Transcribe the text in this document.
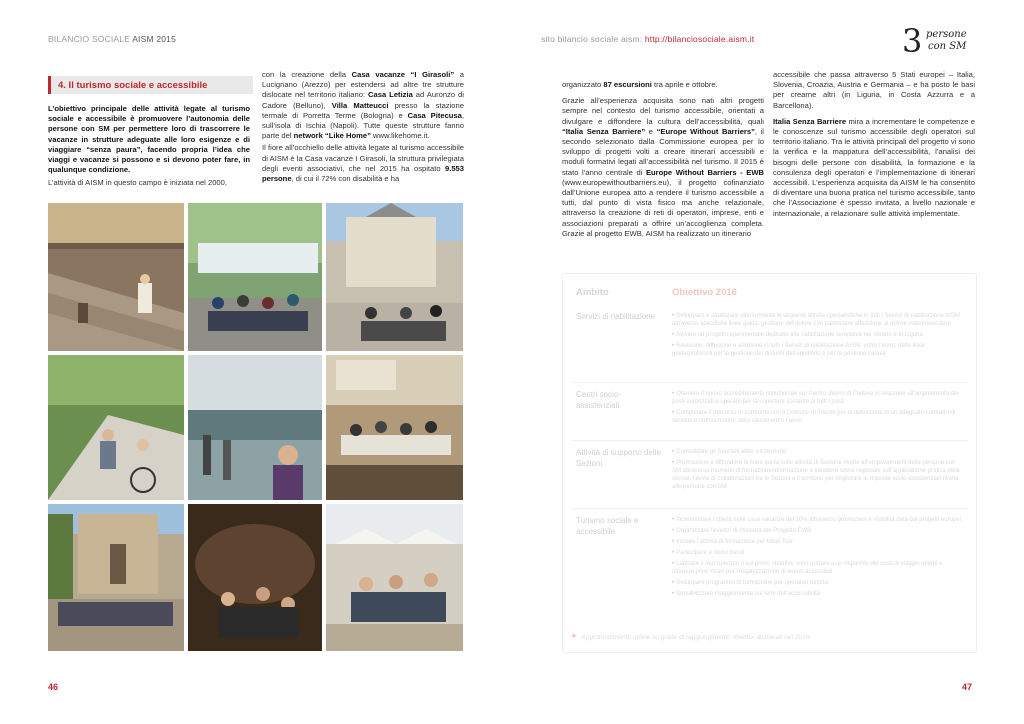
BILANCIO SOCIALE AISM 2015	sito bilancio sociale aism: http://bilanciosociale.aism.it	3 persone
con SM
4. Il turismo sociale e accessibile

L’obiettivo principale delle attività legate al turismo sociale e accessibile è promuovere l’autonomia delle persone con SM per permettere loro di trascorrere le vacanze in strutture adeguate alle loro esigenze e di viaggiare “senza paura”, facendo propria l’idea che viaggi e vacanze si possono e si devono poter fare, in qualunque condizione.

L’attività di AISM in questo campo è iniziata nel 2000,

con la creazione della Casa vacanze “I Girasoli” a Lucignano (Arezzo) per estendersi ad altre tre strutture dislocate nel territorio italiano: Casa Letizia ad Auronzo di Cadore (Belluno), Villa Matteucci presso la stazione termale di Porretta Terme (Bologna) e Casa Pitecusa, sull’isola di Ischia (Napoli). Tutte queste strutture fanno parte del network “Like Home” www.likehome.it.

Il fiore all’occhiello delle attività legate al turismo accessibile di AISM è la Casa vacanze I Girasoli, la struttura privilegiata degli eventi associativi, che nel 2015 ha ospitato 9.553 persone, di cui il 72% con disabilità e ha

46

organizzato 87 escursioni tra aprile e ottobre.

Grazie all’esperienza acquisita sono nati altri progetti sempre nel contesto del turismo accessibile, orientati a divulgare e diffondere la cultura dell’accessibilità, quali “Italia Senza Barriere” e “Europe Without Barriers”, il secondo selezionato dalla Commissione europea per lo sviluppo di progetti volti a creare itinerari accessibili e moduli formativi legati all’accessibilità nel turismo. Il 2015 è stato l’anno centrale di Europe Without Barriers - EWB (www.europewithoutbarriers.eu), il progetto cofinanziato dall’Unione europea atto a rendere il turismo accessibile a tutti, dal punto di vista fisico ma anche relazionale, attraverso la creazione di reti di operatori, imprese, enti e associazioni preparati a offrire un’accoglienza completa. Grazie al progetto EWB, AISM ha realizzato un itinerario

accessibile che passa attraverso 5 Stati europei – Italia, Slovenia, Croazia, Austria e Germania – e ha posto le basi per crearne altri (in Liguria, in Costa Azzurra e a Barcellona).

Italia Senza Barriere mira a incrementare le competenze e le conoscenze sul turismo accessibile degli operatori sul territorio italiano. Tra le attività principali del progetto vi sono la verifica e la mappatura dell’accessibilità, l’analisi dei bisogni delle persone con disabilità, la formazione e la consulenza degli operatori e l’implementazione di itinerari accessibili. L’esperienza acquisita da AISM le ha consentito di diventare una buona pratica nel turismo accessibile, tanto che l’Associazione è spesso invitata, a livello nazionale e internazionale, a relazionare sulle attività implementate.

Ambito	Obiettivo 2016
Servizi di riabilitazione	• Sviluppare e strutturare ulteriormente le seguenti attività specialistiche in tutti i Servizi di riabilitazione AISM attraverso specifiche linee guida: gestione del dolore con particolare attenzione al dolore osteomuscolare
• Avviare un progetto sperimentale dedicato alla riabilitazione lavorativa nel Veneto e in Liguria
• Revisione, diffusione e adozione in tutti i Servizi di riabilitazione AISM, entro l’anno, delle linee guida/protocolli per la gestione dei disturbi dell’equilibrio e per la gestione cadute
Centri socio-assistenziali
• Ottenere il nuovo accreditamento istituzionale sul Centro diurno di Padova in relazione all’ampliamento dei posti autorizzati e operare per la copertura costante di tutti i posti
• Completare il percorso di confronto con il Comune di Trieste per la definizione di un adeguato contratto di servizio e sottoscrizione dello stesso entro l’anno
Attività di supporto delle Sezioni
• Consolidare gli Sportelli attivi sul territorio
• Promuovere e diffondere le linee guida sulle attività di Sezione rivolte all’empowerment delle persone con SM attraverso momenti di formazione/informazione a carattere sovra regionale sull’applicazione pratica delle stesse, l’avvio di collaborazioni tra le Sezioni e il territorio per migliorare le risposte socio-assistenziali rivolte alle persone con SM
Turismo sociale e accessibile
• Incrementare i clienti nelle case vacanze del 10% attraverso promozioni e visibilità data dai progetti europei
• Organizzare l’evento di chiusura del Progetto EWB
• Iniziare l’attività di formazione per Ideal Tour
• Partecipare a nuovi bandi
• Lanciare il tour operator il cui primo obiettivo sono portare a un risparmio dei costi di viaggio interni e ottenere primi ricavi per l’organizzazione di eventi accessibili
• Sviluppare programmi di formazione per operatori turistici
• Sensibilizzare maggiormente sui temi dell’accessibilità
✦ Approfondimento online su grado di raggiungimento obiettivi dichiarati nel 2014
47
